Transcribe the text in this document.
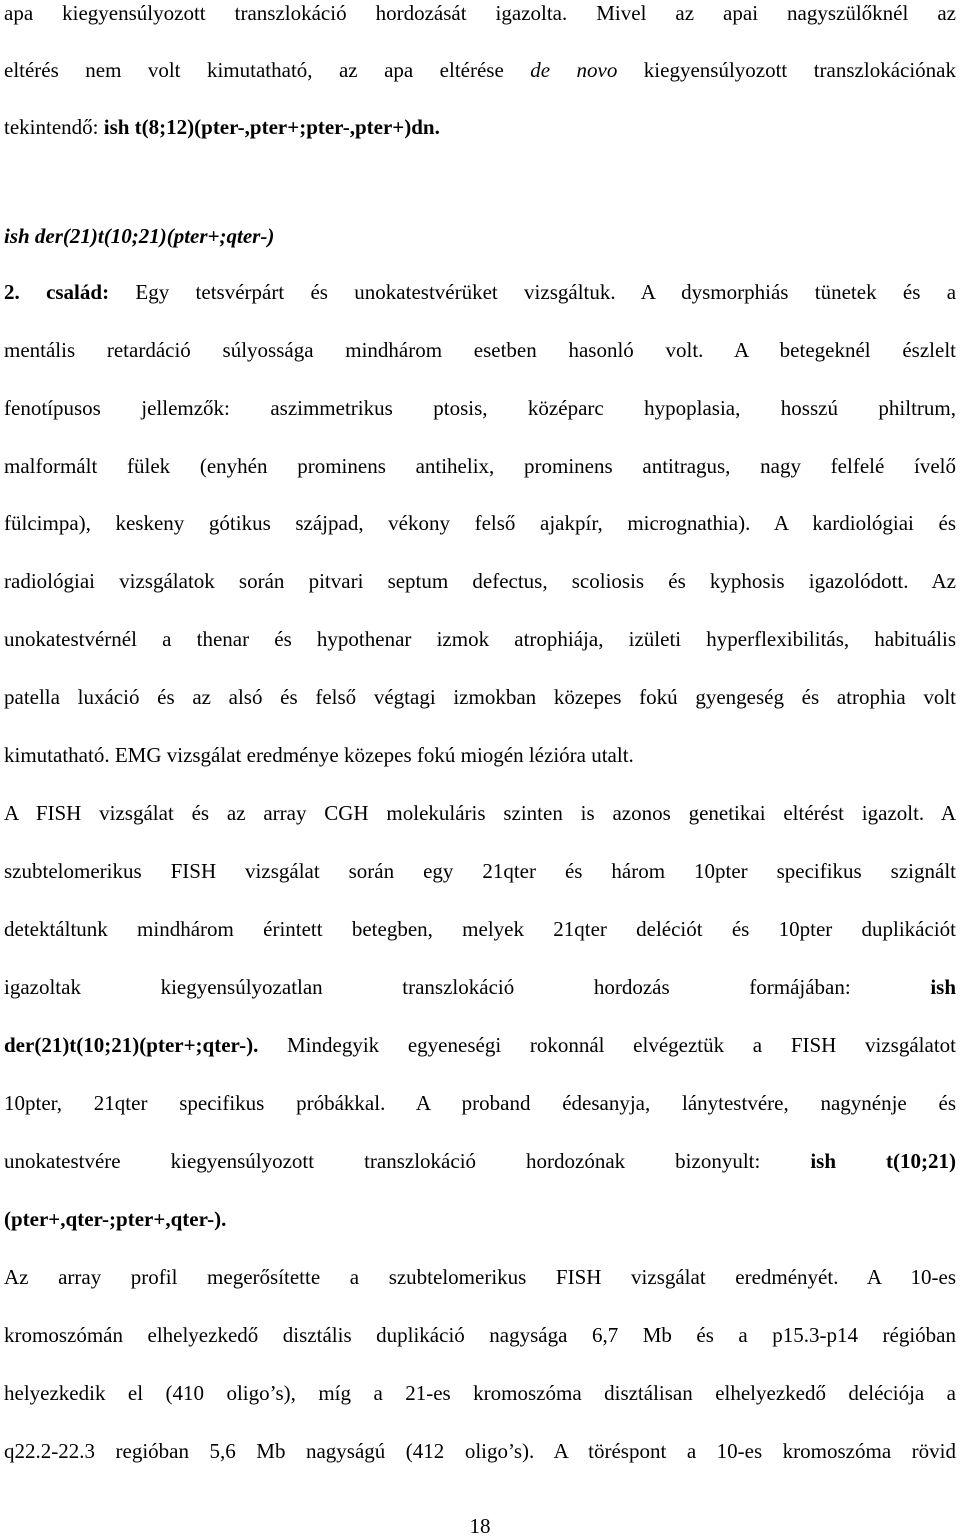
apa kiegyensúlyozott transzlokáció hordozását igazolta. Mivel az apai nagyszülőknél az
eltérés nem volt kimutatható, az apa eltérése de novo kiegyensúlyozott transzlokációnak
tekintendő: ish t(8;12)(pter-,pter+;pter-,pter+)dn.
ish der(21)t(10;21)(pter+;qter-)
2. család: Egy tetsvérpárt és unokatestvérüket vizsgáltuk. A dysmorphiás tünetek és a
mentális retardáció súlyossága mindhárom esetben hasonló volt. A betegeknél észlelt
fenotípusos jellemzők: aszimmetrikus ptosis, középarc hypoplasia, hosszú philtrum,
malformált fülek (enyhén prominens antihelix, prominens antitragus, nagy felfelé ívelő
fülcimpa), keskeny gótikus szájpad, vékony felső ajakpír, micrognathia). A kardiológiai és
radiológiai vizsgálatok során pitvari septum defectus, scoliosis és kyphosis igazolódott. Az
unokatestvérnél a thenar és hypothenar izmok atrophiája, izületi hyperflexibilitás, habituális
patella luxáció és az alsó és felső végtagi izmokban közepes fokú gyengeség és atrophia volt
kimutatható. EMG vizsgálat eredménye közepes fokú miogén lézióra utalt.
A FISH vizsgálat és az array CGH molekuláris szinten is azonos genetikai eltérést igazolt. A
szubtelomerikus FISH vizsgálat során egy 21qter és három 10pter specifikus szignált
detektáltunk mindhárom érintett betegben, melyek 21qter deléciót és 10pter duplikációt
igazoltak kiegyensúlyozatlan transzlokáció hordozás formájában: ish
der(21)t(10;21)(pter+;qter-). Mindegyik egyeneségi rokonnál elvégeztük a FISH vizsgálatot
10pter, 21qter specifikus próbákkal. A proband édesanyja, lánytestvére, nagynénje és
unokatestvére kiegyensúlyozott transzlokáció hordozónak bizonyult: ish t(10;21)
(pter+,qter-;pter+,qter-).
Az array profil megerősítette a szubtelomerikus FISH vizsgálat eredményét. A 10-es
kromoszómán elhelyezkedő disztális duplikáció nagysága 6,7 Mb és a p15.3-p14 régióban
helyezkedik el (410 oligo’s), míg a 21-es kromoszóma disztálisan elhelyezkedő deléciója a
q22.2-22.3 regióban 5,6 Mb nagyságú (412 oligo’s). A töréspont a 10-es kromoszóma rövid
18
